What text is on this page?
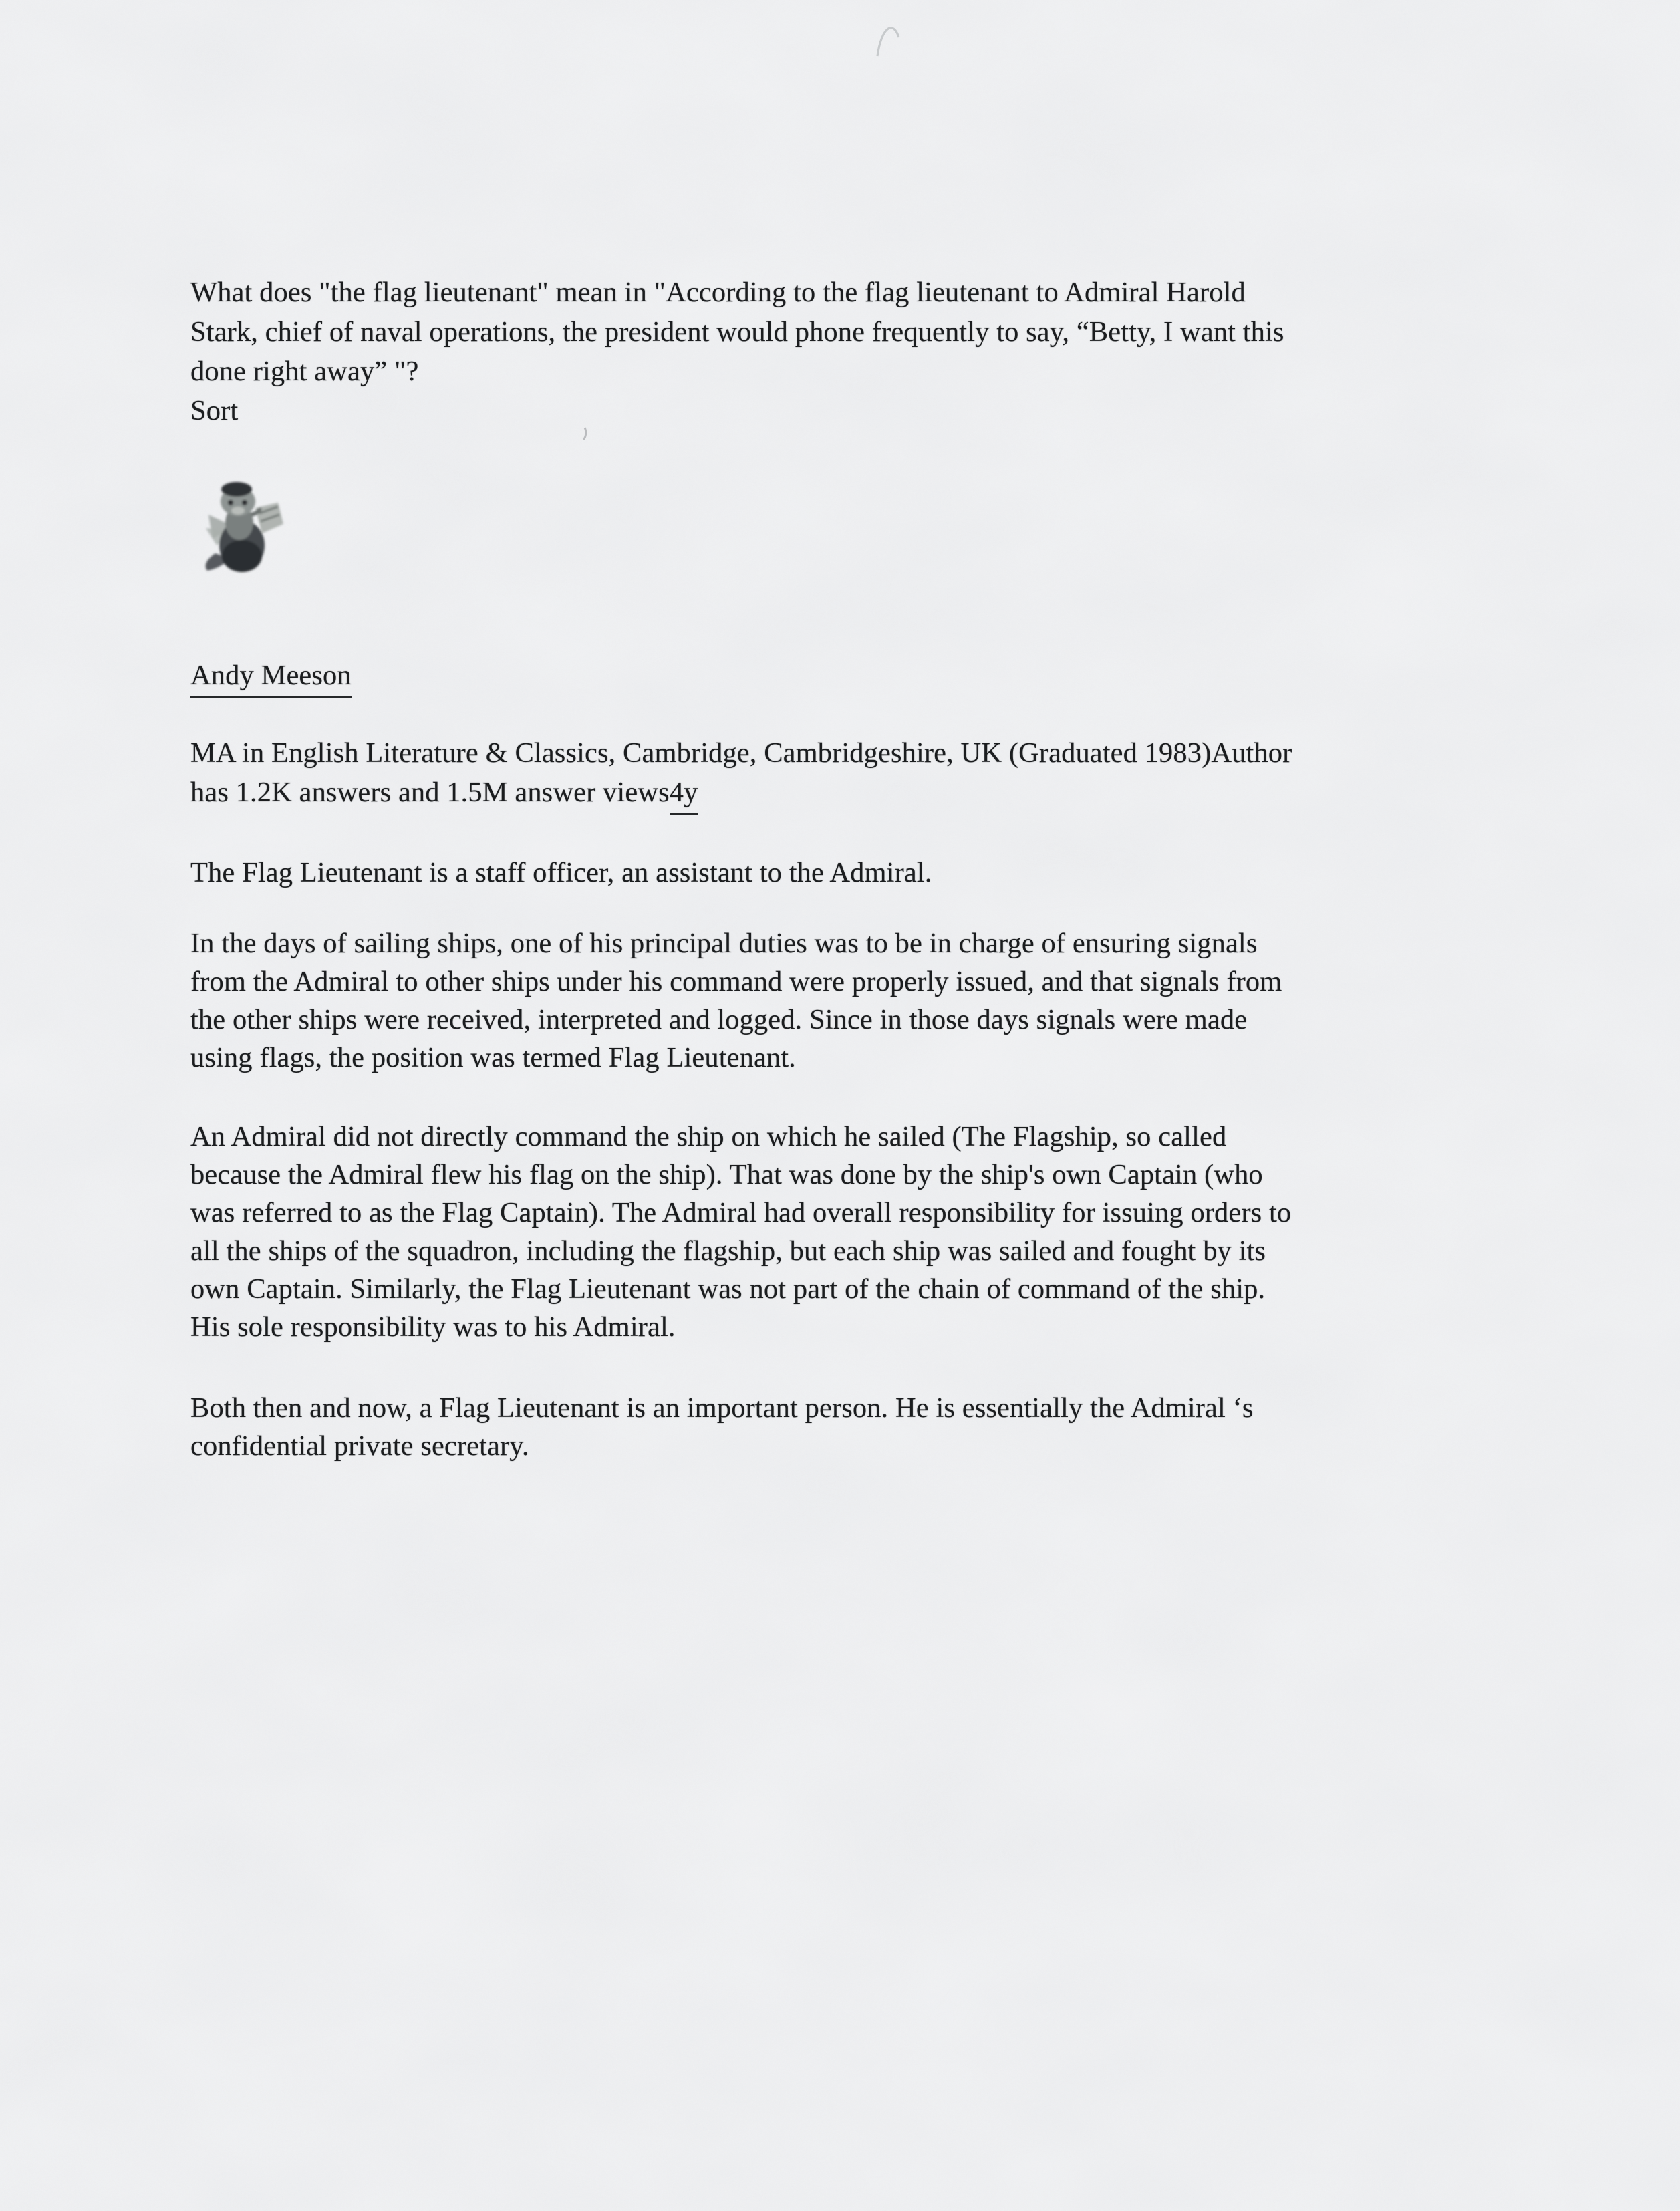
What does "the flag lieutenant" mean in "According to the flag lieutenant to Admiral Harold
Stark, chief of naval operations, the president would phone frequently to say, “Betty, I want this
done right away” "?
Sort
Andy Meeson
MA in English Literature & Classics, Cambridge, Cambridgeshire, UK (Graduated 1983)Author
has 1.2K answers and 1.5M answer views4y
The Flag Lieutenant is a staff officer, an assistant to the Admiral.
In the days of sailing ships, one of his principal duties was to be in charge of ensuring signals
from the Admiral to other ships under his command were properly issued, and that signals from
the other ships were received, interpreted and logged. Since in those days signals were made
using flags, the position was termed Flag Lieutenant.
An Admiral did not directly command the ship on which he sailed (The Flagship, so called
because the Admiral flew his flag on the ship). That was done by the ship's own Captain (who
was referred to as the Flag Captain). The Admiral had overall responsibility for issuing orders to
all the ships of the squadron, including the flagship, but each ship was sailed and fought by its
own Captain. Similarly, the Flag Lieutenant was not part of the chain of command of the ship.
His sole responsibility was to his Admiral.
Both then and now, a Flag Lieutenant is an important person. He is essentially the Admiral ‘s
confidential private secretary.
